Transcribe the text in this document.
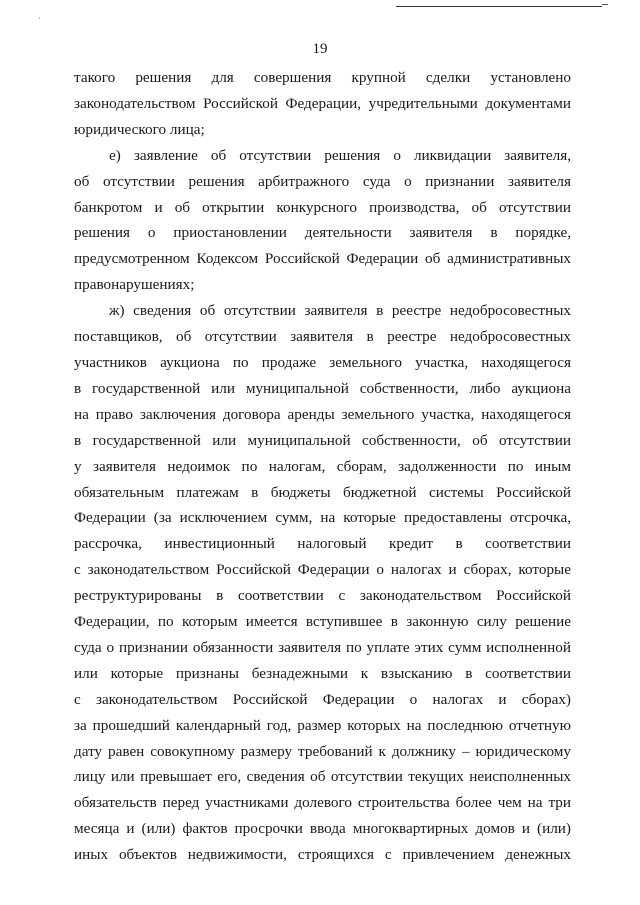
·
19
такого решения для совершения крупной сделки установлено
законодательством Российской Федерации, учредительными документами
юридического лица;
е) заявление об отсутствии решения о ликвидации заявителя,
об отсутствии решения арбитражного суда о признании заявителя
банкротом и об открытии конкурсного производства, об отсутствии
решения о приостановлении деятельности заявителя в порядке,
предусмотренном Кодексом Российской Федерации об административных
правонарушениях;
ж) сведения об отсутствии заявителя в реестре недобросовестных
поставщиков, об отсутствии заявителя в реестре недобросовестных
участников аукциона по продаже земельного участка, находящегося
в государственной или муниципальной собственности, либо аукциона
на право заключения договора аренды земельного участка, находящегося
в государственной или муниципальной собственности, об отсутствии
у заявителя недоимок по налогам, сборам, задолженности по иным
обязательным платежам в бюджеты бюджетной системы Российской
Федерации (за исключением сумм, на которые предоставлены отсрочка,
рассрочка, инвестиционный налоговый кредит в соответствии
с законодательством Российской Федерации о налогах и сборах, которые
реструктурированы в соответствии с законодательством Российской
Федерации, по которым имеется вступившее в законную силу решение
суда о признании обязанности заявителя по уплате этих сумм исполненной
или которые признаны безнадежными к взысканию в соответствии
с законодательством Российской Федерации о налогах и сборах)
за прошедший календарный год, размер которых на последнюю отчетную
дату равен совокупному размеру требований к должнику – юридическому
лицу или превышает его, сведения об отсутствии текущих неисполненных
обязательств перед участниками долевого строительства более чем на три
месяца и (или) фактов просрочки ввода многоквартирных домов и (или)
иных объектов недвижимости, строящихся с привлечением денежных
